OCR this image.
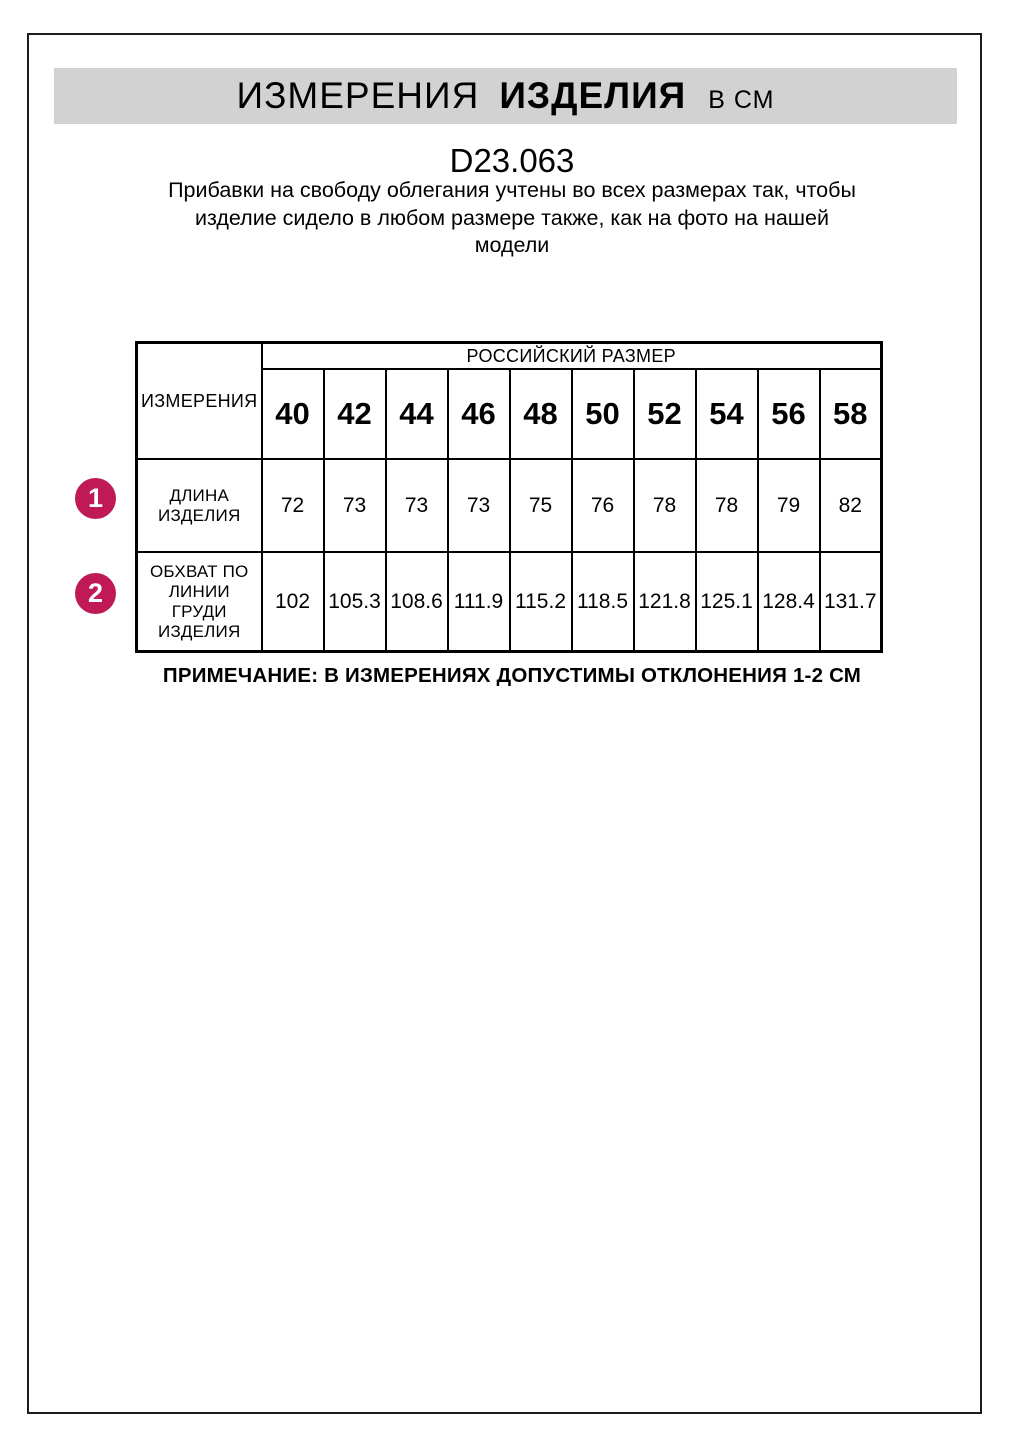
ИЗМЕРЕНИЯ ИЗДЕЛИЯ В СМ
D23.063
Прибавки на свободу облегания учтены во всех размерах так, чтобы
изделие сидело в любом размере также, как на фото на нашей
модели
ИЗМЕРЕНИЯ	РОССИЙСКИЙ РАЗМЕР									
	40	42	44	46	48	50	52	54	56	58

ДЛИНА
ИЗДЕЛИЯ	72	73	73	73	75	76	78	78	79	82

ОБХВАТ ПО
ЛИНИИ
ГРУДИ
ИЗДЕЛИЯ	102	105.3	108.6	111.9	115.2	118.5	121.8	125.1	128.4	131.7
1
2
ПРИМЕЧАНИЕ: В ИЗМЕРЕНИЯХ ДОПУСТИМЫ ОТКЛОНЕНИЯ 1-2 СМ
